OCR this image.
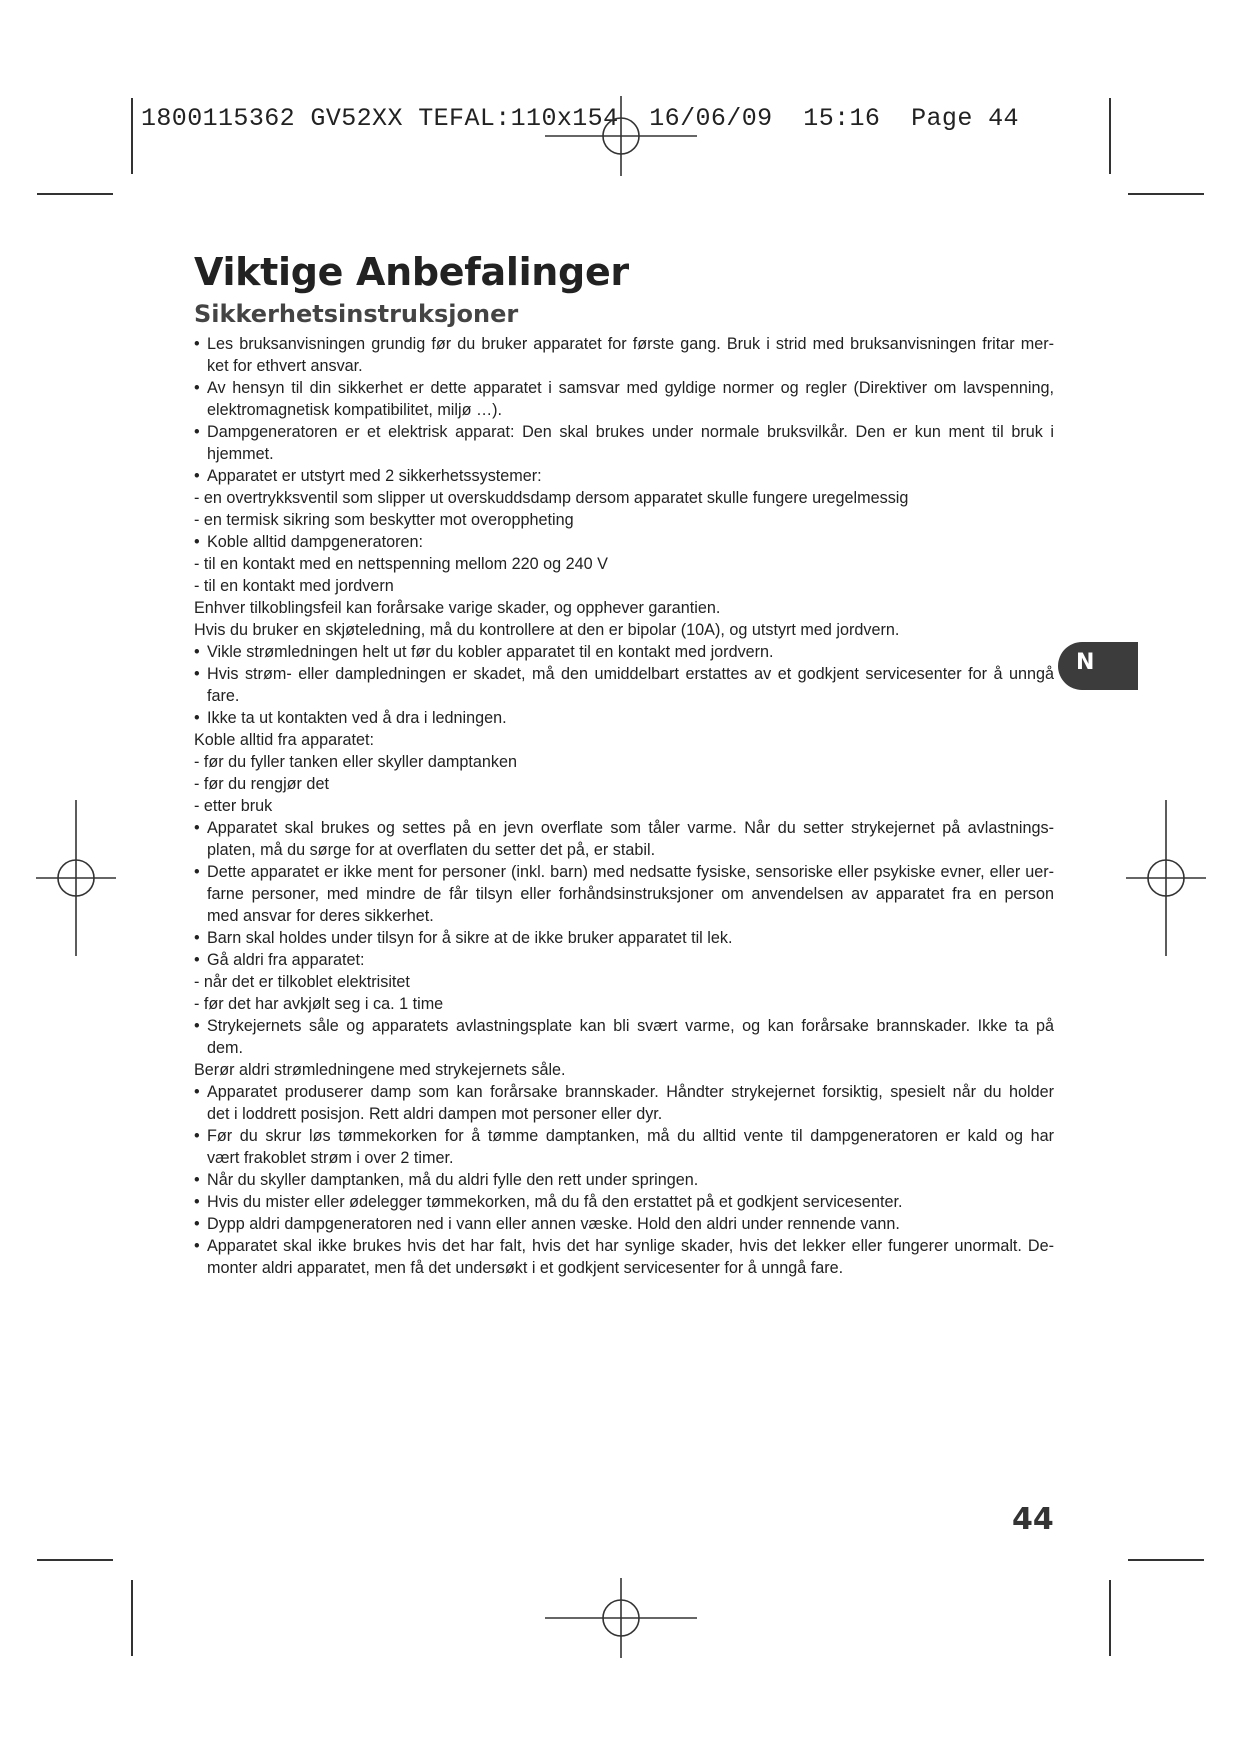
1800115362 GV52XX TEFAL:110x154  16/06/09  15:16  Page 44
Viktige Anbefalinger
Sikkerhetsinstruksjoner
• Les bruksanvisningen grundig før du bruker apparatet for første gang. Bruk i strid med bruksanvisningen fritar mer-
ket for ethvert ansvar.
• Av hensyn til din sikkerhet er dette apparatet i samsvar med gyldige normer og regler (Direktiver om lavspenning,
elektromagnetisk kompatibilitet, miljø …).
• Dampgeneratoren er et elektrisk apparat: Den skal brukes under normale bruksvilkår. Den er kun ment til bruk i
hjemmet.
• Apparatet er utstyrt med 2 sikkerhetssystemer:
- en overtrykksventil som slipper ut overskuddsdamp dersom apparatet skulle fungere uregelmessig
- en termisk sikring som beskytter mot overoppheting
• Koble alltid dampgeneratoren:
- til en kontakt med en nettspenning mellom 220 og 240 V
- til en kontakt med jordvern
Enhver tilkoblingsfeil kan forårsake varige skader, og opphever garantien.
Hvis du bruker en skjøteledning, må du kontrollere at den er bipolar (10A), og utstyrt med jordvern.
• Vikle strømledningen helt ut før du kobler apparatet til en kontakt med jordvern.
• Hvis strøm- eller dampledningen er skadet, må den umiddelbart erstattes av et godkjent servicesenter for å unngå
fare.
• Ikke ta ut kontakten ved å dra i ledningen.
Koble alltid fra apparatet:
- før du fyller tanken eller skyller damptanken
- før du rengjør det
- etter bruk
• Apparatet skal brukes og settes på en jevn overflate som tåler varme. Når du setter strykejernet på avlastnings-
platen, må du sørge for at overflaten du setter det på, er stabil.
• Dette apparatet er ikke ment for personer (inkl. barn) med nedsatte fysiske, sensoriske eller psykiske evner, eller uer-
farne personer, med mindre de får tilsyn eller forhåndsinstruksjoner om anvendelsen av apparatet fra en person
med ansvar for deres sikkerhet.
• Barn skal holdes under tilsyn for å sikre at de ikke bruker apparatet til lek.
• Gå aldri fra apparatet:
- når det er tilkoblet elektrisitet
- før det har avkjølt seg i ca. 1 time
• Strykejernets såle og apparatets avlastningsplate kan bli svært varme, og kan forårsake brannskader. Ikke ta på
dem.
Berør aldri strømledningene med strykejernets såle.
• Apparatet produserer damp som kan forårsake brannskader. Håndter strykejernet forsiktig, spesielt når du holder
det i loddrett posisjon. Rett aldri dampen mot personer eller dyr.
• Før du skrur løs tømmekorken for å tømme damptanken, må du alltid vente til dampgeneratoren er kald og har
vært frakoblet strøm i over 2 timer.
• Når du skyller damptanken, må du aldri fylle den rett under springen.
• Hvis du mister eller ødelegger tømmekorken, må du få den erstattet på et godkjent servicesenter.
• Dypp aldri dampgeneratoren ned i vann eller annen væske. Hold den aldri under rennende vann.
• Apparatet skal ikke brukes hvis det har falt, hvis det har synlige skader, hvis det lekker eller fungerer unormalt. De-
monter aldri apparatet, men få det undersøkt i et godkjent servicesenter for å unngå fare.
N
44
